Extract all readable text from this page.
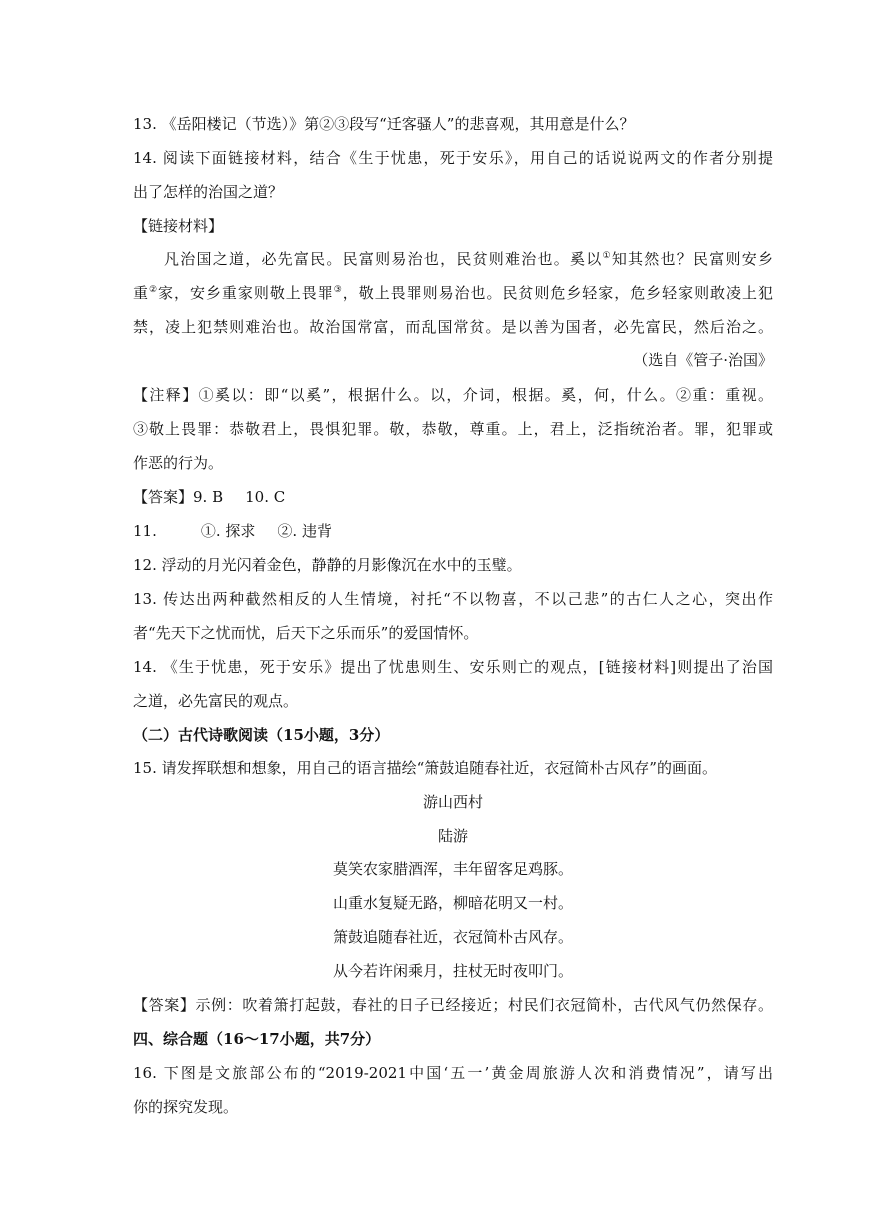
13. 《岳阳楼记（节选）》第②③段写“迁客骚人”的悲喜观，其用意是什么？
14. 阅读下面链接材料，结合《生于忧患，死于安乐》，用自己的话说说两文的作者分别提
出了怎样的治国之道？
【链接材料】
凡治国之道，必先富民。民富则易治也，民贫则难治也。奚以①知其然也？民富则安乡
重②家，安乡重家则敬上畏罪③，敬上畏罪则易治也。民贫则危乡轻家，危乡轻家则敢凌上犯
禁，凌上犯禁则难治也。故治国常富，而乱国常贫。是以善为国者，必先富民，然后治之。
（选自《管子·治国》
【注释】①奚以：即“以奚”，根据什么。以，介词，根据。奚，何，什么。②重：重视。
③敬上畏罪：恭敬君上，畏惧犯罪。敬，恭敬，尊重。上，君上，泛指统治者。罪，犯罪或
作恶的行为。
【答案】9. B 10. C
11.	①. 探求 ②. 违背
12. 浮动的月光闪着金色，静静的月影像沉在水中的玉璧。
13. 传达出两种截然相反的人生情境，衬托“不以物喜，不以己悲”的古仁人之心，突出作
者“先天下之忧而忧，后天下之乐而乐”的爱国情怀。
14. 《生于忧患，死于安乐》提出了忧患则生、安乐则亡的观点，[链接材料]则提出了治国
之道，必先富民的观点。
（二）古代诗歌阅读（15小题，3分）
15. 请发挥联想和想象，用自己的语言描绘“箫鼓追随春社近，衣冠简朴古风存”的画面。
游山西村
陆游
莫笑农家腊酒浑，丰年留客足鸡豚。
山重水复疑无路，柳暗花明又一村。
箫鼓追随春社近，衣冠简朴古风存。
从今若许闲乘月，拄杖无时夜叩门。
【答案】示例：吹着箫打起鼓，春社的日子已经接近；村民们衣冠简朴，古代风气仍然保存。
四、综合题（16～17小题，共7分）
16. 下图是文旅部公布的“2019-2021中国‘五一’黄金周旅游人次和消费情况”，请写出
你的探究发现。
